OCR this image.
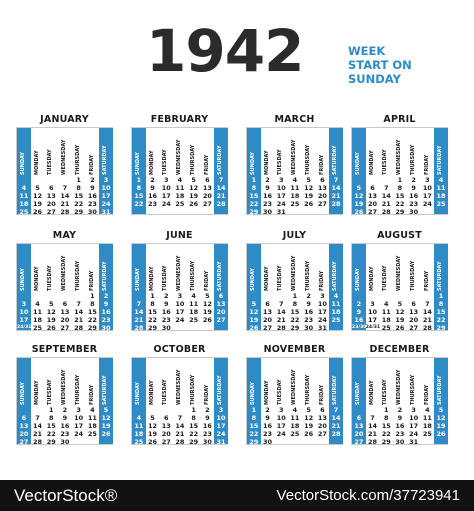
1942	WEEK
START ON
SUNDAY
JANUARY
SUNDAY
4
11
18
25
MONDAY
5
12
19
26
TUESDAY
6
13
20
27
WEDNESDAY
7
14
21
28
THURSDAY
1
8
15
22
29
FRIDAY
2
9
16
23
30
SATURDAY
3
10
17
24
31
FEBRUARY
SUNDAY
1
8
15
22
MONDAY
2
9
16
23
TUESDAY
3
10
17
24
WEDNESDAY
4
11
18
25
THURSDAY
5
12
19
26
FRIDAY
6
13
20
27
SATURDAY
7
14
21
28
MARCH
SUNDAY
1
8
15
22
29
MONDAY
2
9
16
23
30
TUESDAY
3
10
17
24
31
WEDNESDAY
4
11
18
25
THURSDAY
5
12
19
26
FRIDAY
6
13
20
27
SATURDAY
7
14
21
28
APRIL
SUNDAY
5
12
19
26
MONDAY
6
13
20
27
TUESDAY
7
14
21
28
WEDNESDAY
1
8
15
22
29
THURSDAY
2
9
16
23
30
FRIDAY
3
10
17
24
SATURDAY
4
11
18
25
MAY
SUNDAY
3
10
17
24/31
MONDAY
4
11
18
25
TUESDAY
5
12
19
26
WEDNESDAY
6
13
20
27
THURSDAY
7
14
21
28
FRIDAY
1
8
15
22
29
SATURDAY
2
9
16
23
30
JUNE
SUNDAY
7
14
21
28
MONDAY
1
8
15
22
29
TUESDAY
2
9
16
23
30
WEDNESDAY
3
10
17
24
THURSDAY
4
11
18
25
FRIDAY
5
12
19
26
SATURDAY
6
13
20
27
JULY
SUNDAY
5
12
19
26
MONDAY
6
13
20
27
TUESDAY
7
14
21
28
WEDNESDAY
1
8
15
22
29
THURSDAY
2
9
16
23
30
FRIDAY
3
10
17
24
31
SATURDAY
4
11
18
25
AUGUST
SUNDAY
2
9
16
23/30
MONDAY
3
10
17
24/31
TUESDAY
4
11
18
25
WEDNESDAY
5
12
19
26
THURSDAY
6
13
20
27
FRIDAY
7
14
21
28
SATURDAY
1
8
15
22
29
SEPTEMBER
SUNDAY
6
13
20
27
MONDAY
7
14
21
28
TUESDAY
1
8
15
22
29
WEDNESDAY
2
9
16
23
30
THURSDAY
3
10
17
24
FRIDAY
4
11
18
25
SATURDAY
5
12
19
26
OCTOBER
SUNDAY
4
11
18
25
MONDAY
5
12
19
26
TUESDAY
6
13
20
27
WEDNESDAY
7
14
21
28
THURSDAY
1
8
15
22
29
FRIDAY
2
9
16
23
30
SATURDAY
3
10
17
24
31
NOVEMBER
SUNDAY
1
8
15
22
29
MONDAY
2
9
16
23
30
TUESDAY
3
10
17
24
WEDNESDAY
4
11
18
25
THURSDAY
5
12
19
26
FRIDAY
6
13
20
27
SATURDAY
7
14
21
28
DECEMBER
SUNDAY
6
13
20
27
MONDAY
7
14
21
28
TUESDAY
1
8
15
22
29
WEDNESDAY
2
9
16
23
30
THURSDAY
3
10
17
24
31
FRIDAY
4
11
18
25
SATURDAY
5
12
19
26
VectorStock®	VectorStock.com/37723941
